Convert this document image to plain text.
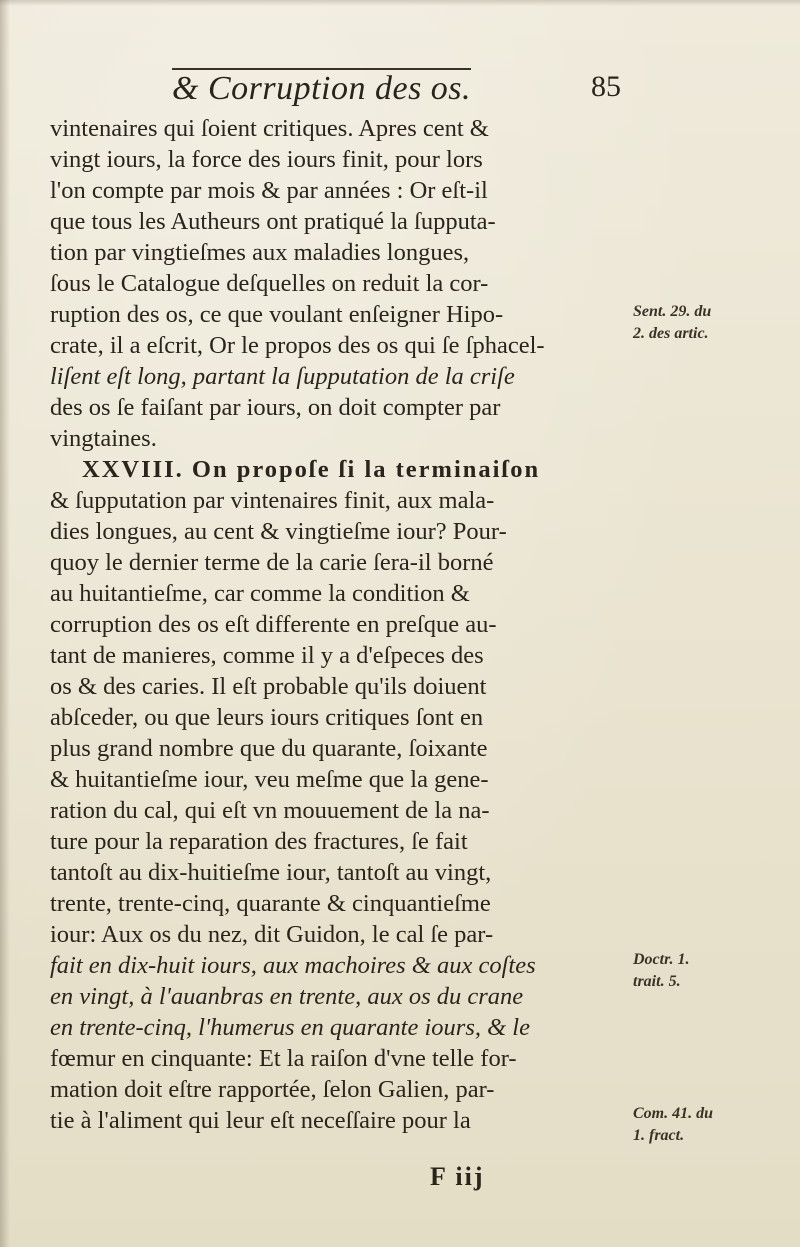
& Corruption des os.	85
vintenaires qui ſoient critiques. Apres cent &
vingt iours, la force des iours finit, pour lors
l'on compte par mois & par années : Or eſt-il
que tous les Autheurs ont pratiqué la ſupputa-
tion par vingtieſmes aux maladies longues,
ſous le Catalogue deſquelles on reduit la cor-
ruption des os, ce que voulant enſeigner Hipo-
crate, il a eſcrit, Or le propos des os qui ſe ſphacel-
liſent eſt long, partant la ſupputation de la criſe
des os ſe faiſant par iours, on doit compter par
vingtaines.
XXVIII. On propoſe ſi la terminaiſon
& ſupputation par vintenaires finit, aux mala-
dies longues, au cent & vingtieſme iour? Pour-
quoy le dernier terme de la carie ſera-il borné
au huitantieſme, car comme la condition &
corruption des os eſt differente en preſque au-
tant de manieres, comme il y a d'eſpeces des
os & des caries. Il eſt probable qu'ils doiuent
abſceder, ou que leurs iours critiques ſont en
plus grand nombre que du quarante, ſoixante
& huitantieſme iour, veu meſme que la gene-
ration du cal, qui eſt vn mouuement de la na-
ture pour la reparation des fractures, ſe fait
tantoſt au dix-huitieſme iour, tantoſt au vingt,
trente, trente-cinq, quarante & cinquantieſme
iour: Aux os du nez, dit Guidon, le cal ſe par-
fait en dix-huit iours, aux machoires & aux coſtes
en vingt, à l'auanbras en trente, aux os du crane
en trente-cinq, l'humerus en quarante iours, & le
fœmur en cinquante: Et la raiſon d'vne telle for-
mation doit eſtre rapportée, ſelon Galien, par-
tie à l'aliment qui leur eſt neceſſaire pour la
Sent. 29. du
2. des artic.
Doctr. 1.
trait. 5.
Com. 41. du
1. fract.
F iij
